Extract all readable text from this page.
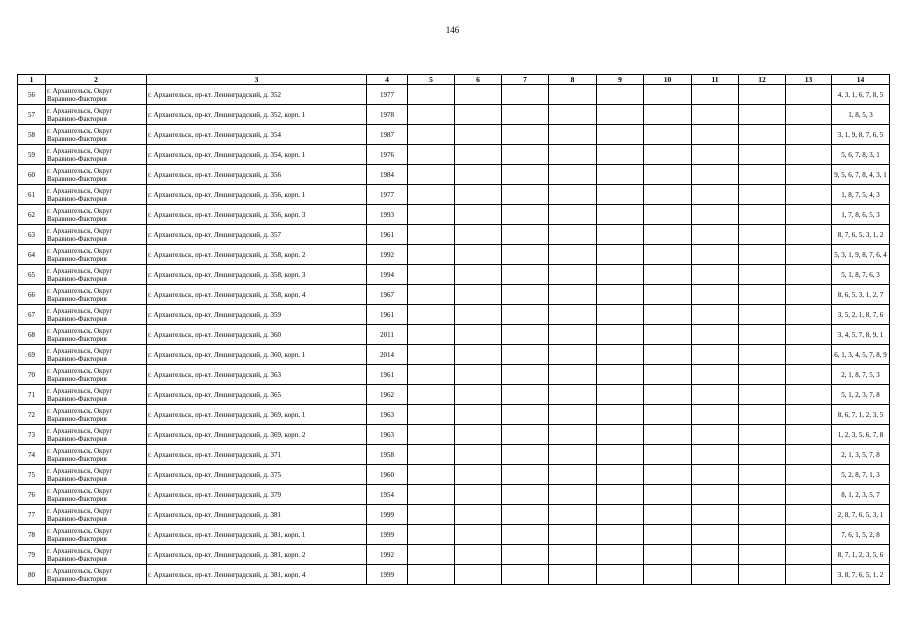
146
1	2	3	4	5	6	7	8	9	10	11	12	13	14
56	г. Архангельск, Округ
Варавино-Фактория	г. Архангельск, пр-кт. Ленинградский, д. 352	1977										4, 3, 1, 6, 7, 8, 5
57	г. Архангельск, Округ
Варавино-Фактория	г. Архангельск, пр-кт. Ленинградский, д. 352, корп. 1	1978										1, 8, 5, 3
58	г. Архангельск, Округ
Варавино-Фактория	г. Архангельск, пр-кт. Ленинградский, д. 354	1987										3, 1, 9, 8, 7, 6, 5
59	г. Архангельск, Округ
Варавино-Фактория	г. Архангельск, пр-кт. Ленинградский, д. 354, корп. 1	1976										5, 6, 7, 8, 3, 1
60	г. Архангельск, Округ
Варавино-Фактория	г. Архангельск, пр-кт. Ленинградский, д. 356	1984										9, 5, 6, 7, 8, 4, 3, 1
61	г. Архангельск, Округ
Варавино-Фактория	г. Архангельск, пр-кт. Ленинградский, д. 356, корп. 1	1977										1, 8, 7, 5, 4, 3
62	г. Архангельск, Округ
Варавино-Фактория	г. Архангельск, пр-кт. Ленинградский, д. 356, корп. 3	1993										1, 7, 8, 6, 5, 3
63	г. Архангельск, Округ
Варавино-Фактория	г. Архангельск, пр-кт. Ленинградский, д. 357	1961										8, 7, 6, 5, 3, 1, 2
64	г. Архангельск, Округ
Варавино-Фактория	г. Архангельск, пр-кт. Ленинградский, д. 358, корп. 2	1992										5, 3, 1, 9, 8, 7, 6, 4
65	г. Архангельск, Округ
Варавино-Фактория	г. Архангельск, пр-кт. Ленинградский, д. 358, корп. 3	1994										5, 1, 8, 7, 6, 3
66	г. Архангельск, Округ
Варавино-Фактория	г. Архангельск, пр-кт. Ленинградский, д. 358, корп. 4	1967										8, 6, 5, 3, 1, 2, 7
67	г. Архангельск, Округ
Варавино-Фактория	г. Архангельск, пр-кт. Ленинградский, д. 359	1961										3, 5, 2, 1, 8, 7, 6
68	г. Архангельск, Округ
Варавино-Фактория	г. Архангельск, пр-кт. Ленинградский, д. 360	2011										3, 4, 5, 7, 8, 9, 1
69	г. Архангельск, Округ
Варавино-Фактория	г. Архангельск, пр-кт. Ленинградский, д. 360, корп. 1	2014										6, 1, 3, 4, 5, 7, 8, 9
70	г. Архангельск, Округ
Варавино-Фактория	г. Архангельск, пр-кт. Ленинградский, д. 363	1961										2, 1, 8, 7, 5, 3
71	г. Архангельск, Округ
Варавино-Фактория	г. Архангельск, пр-кт. Ленинградский, д. 365	1962										5, 1, 2, 3, 7, 8
72	г. Архангельск, Округ
Варавино-Фактория	г. Архангельск, пр-кт. Ленинградский, д. 369, корп. 1	1963										8, 6, 7, 1, 2, 3, 5
73	г. Архангельск, Округ
Варавино-Фактория	г. Архангельск, пр-кт. Ленинградский, д. 369, корп. 2	1963										1, 2, 3, 5, 6, 7, 8
74	г. Архангельск, Округ
Варавино-Фактория	г. Архангельск, пр-кт. Ленинградский, д. 371	1958										2, 1, 3, 5, 7, 8
75	г. Архангельск, Округ
Варавино-Фактория	г. Архангельск, пр-кт. Ленинградский, д. 375	1960										5, 2, 8, 7, 1, 3
76	г. Архангельск, Округ
Варавино-Фактория	г. Архангельск, пр-кт. Ленинградский, д. 379	1954										8, 1, 2, 3, 5, 7
77	г. Архангельск, Округ
Варавино-Фактория	г. Архангельск, пр-кт. Ленинградский, д. 381	1999										2, 8, 7, 6, 5, 3, 1
78	г. Архангельск, Округ
Варавино-Фактория	г. Архангельск, пр-кт. Ленинградский, д. 381, корп. 1	1999										7, 6, 1, 5, 2, 8
79	г. Архангельск, Округ
Варавино-Фактория	г. Архангельск, пр-кт. Ленинградский, д. 381, корп. 2	1992										8, 7, 1, 2, 3, 5, 6
80	г. Архангельск, Округ
Варавино-Фактория	г. Архангельск, пр-кт. Ленинградский, д. 381, корп. 4	1999										3, 8, 7, 6, 5, 1, 2
